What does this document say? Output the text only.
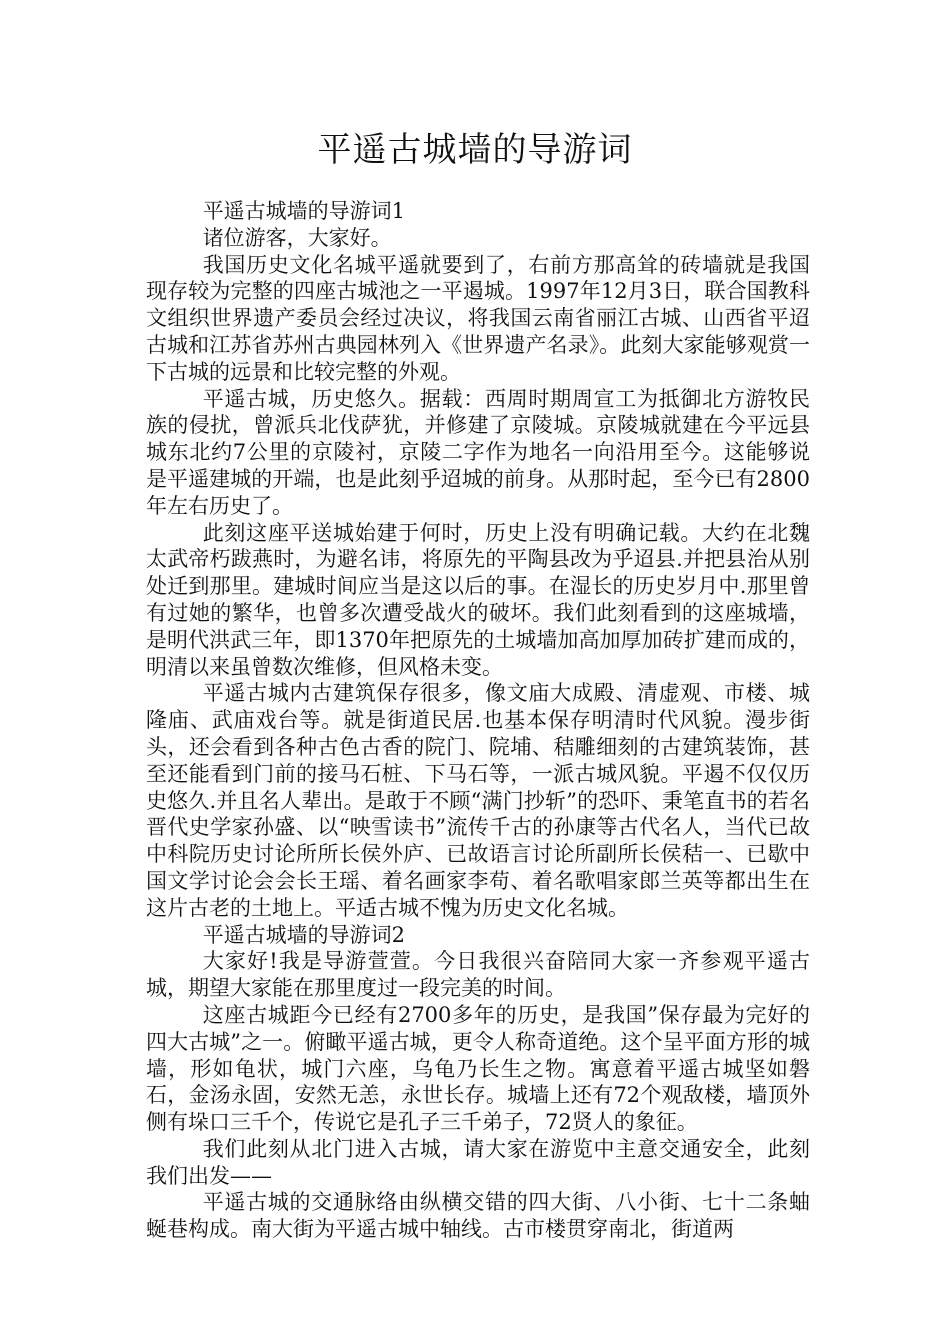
平遥古城墙的导游词

平遥古城墙的导游词1

诸位游客，大家好。

我国历史文化名城平遥就要到了，右前方那高耸的砖墙就是我国现存较为完整的四座古城池之一平遏城。1997年12月3日，联合国教科文组织世界遗产委员会经过决议，将我国云南省丽江古城、山西省平迢古城和江苏省苏州古典园林列入《世界遗产名录》。此刻大家能够观赏一下古城的远景和比较完整的外观。

平遥古城，历史悠久。据载：西周时期周宣工为抵御北方游牧民族的侵扰，曾派兵北伐萨犹，并修建了京陵城。京陵城就建在今平远县城东北约7公里的京陵衬，京陵二字作为地名一向沿用至今。这能够说是平遥建城的开端，也是此刻乎迢城的前身。从那时起，至今已有2800年左右历史了。

此刻这座平送城始建于何时，历史上没有明确记载。大约在北魏太武帝朽跋燕时，为避名讳，将原先的平陶县改为乎迢县.并把县治从别处迁到那里。建城时间应当是这以后的事。在湿长的历史岁月中.那里曾有过她的繁华，也曾多次遭受战火的破坏。我们此刻看到的这座城墙，是明代洪武三年，即1370年把原先的土城墙加高加厚加砖扩建而成的，明清以来虽曾数次维修，但风格未变。

平遥古城内古建筑保存很多，像文庙大成殿、清虚观、市楼、城隆庙、武庙戏台等。就是街道民居.也基本保存明清时代风貌。漫步街头，还会看到各种古色古香的院门、院埔、秸雕细刻的古建筑装饰，甚至还能看到门前的接马石桩、下马石等，一派古城风貌。平遏不仅仅历史悠久.并且名人辈出。是敢于不顾“满门抄斩”的恐吓、秉笔直书的若名晋代史学家孙盛、以“映雪读书”流传千古的孙康等古代名人，当代已故中科院历史讨论所所长侯外庐、已故语言讨论所副所长侯秸一、已歇中国文学讨论会会长王瑶、着名画家李苟、着名歌唱家郎兰英等都出生在这片古老的土地上。平适古城不愧为历史文化名城。

平遥古城墙的导游词2

大家好!我是导游萱萱。今日我很兴奋陪同大家一齐参观平遥古城，期望大家能在那里度过一段完美的时间。

这座古城距今已经有2700多年的历史，是我国”保存最为完好的四大古城”之一。俯瞰平遥古城，更令人称奇道绝。这个呈平面方形的城墙，形如龟状，城门六座，乌龟乃长生之物。寓意着平遥古城坚如磐石，金汤永固，安然无恙，永世长存。城墙上还有72个观敌楼，墙顶外侧有垛口三千个，传说它是孔子三千弟子，72贤人的象征。

我们此刻从北门进入古城，请大家在游览中主意交通安全，此刻我们出发——

平遥古城的交通脉络由纵横交错的四大街、八小街、七十二条蚰蜒巷构成。南大街为平遥古城中轴线。古市楼贯穿南北，街道两
